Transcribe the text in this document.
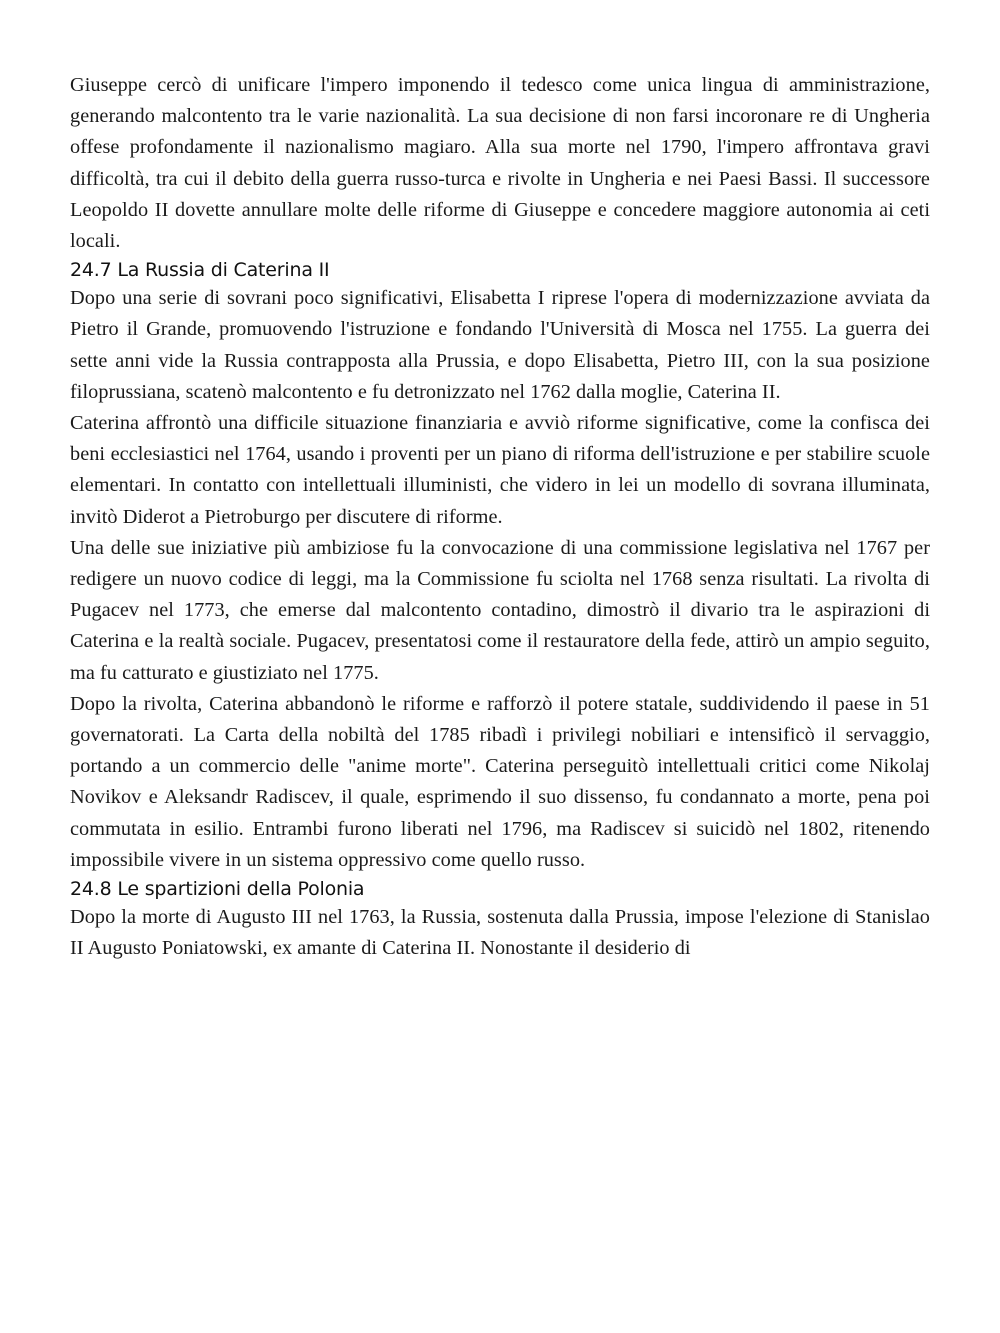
Giuseppe cercò di unificare l'impero imponendo il tedesco come unica lingua di amministrazione, generando malcontento tra le varie nazionalità. La sua decisione di non farsi incoronare re di Ungheria offese profondamente il nazionalismo magiaro. Alla sua morte nel 1790, l'impero affrontava gravi difficoltà, tra cui il debito della guerra russo-turca e rivolte in Ungheria e nei Paesi Bassi. Il successore Leopoldo II dovette annullare molte delle riforme di Giuseppe e concedere maggiore autonomia ai ceti locali.

24.7 La Russia di Caterina II

Dopo una serie di sovrani poco significativi, Elisabetta I riprese l'opera di modernizzazione avviata da Pietro il Grande, promuovendo l'istruzione e fondando l'Università di Mosca nel 1755. La guerra dei sette anni vide la Russia contrapposta alla Prussia, e dopo Elisabetta, Pietro III, con la sua posizione filoprussiana, scatenò malcontento e fu detronizzato nel 1762 dalla moglie, Caterina II.

Caterina affrontò una difficile situazione finanziaria e avviò riforme significative, come la confisca dei beni ecclesiastici nel 1764, usando i proventi per un piano di riforma dell'istruzione e per stabilire scuole elementari. In contatto con intellettuali illuministi, che videro in lei un modello di sovrana illuminata, invitò Diderot a Pietroburgo per discutere di riforme.

Una delle sue iniziative più ambiziose fu la convocazione di una commissione legislativa nel 1767 per redigere un nuovo codice di leggi, ma la Commissione fu sciolta nel 1768 senza risultati. La rivolta di Pugacev nel 1773, che emerse dal malcontento contadino, dimostrò il divario tra le aspirazioni di Caterina e la realtà sociale. Pugacev, presentatosi come il restauratore della fede, attirò un ampio seguito, ma fu catturato e giustiziato nel 1775.

Dopo la rivolta, Caterina abbandonò le riforme e rafforzò il potere statale, suddividendo il paese in 51 governatorati. La Carta della nobiltà del 1785 ribadì i privilegi nobiliari e intensificò il servaggio, portando a un commercio delle "anime morte". Caterina perseguitò intellettuali critici come Nikolaj Novikov e Aleksandr Radiscev, il quale, esprimendo il suo dissenso, fu condannato a morte, pena poi commutata in esilio. Entrambi furono liberati nel 1796, ma Radiscev si suicidò nel 1802, ritenendo impossibile vivere in un sistema oppressivo come quello russo.

24.8 Le spartizioni della Polonia

Dopo la morte di Augusto III nel 1763, la Russia, sostenuta dalla Prussia, impose l'elezione di Stanislao II Augusto Poniatowski, ex amante di Caterina II. Nonostante il desiderio di
